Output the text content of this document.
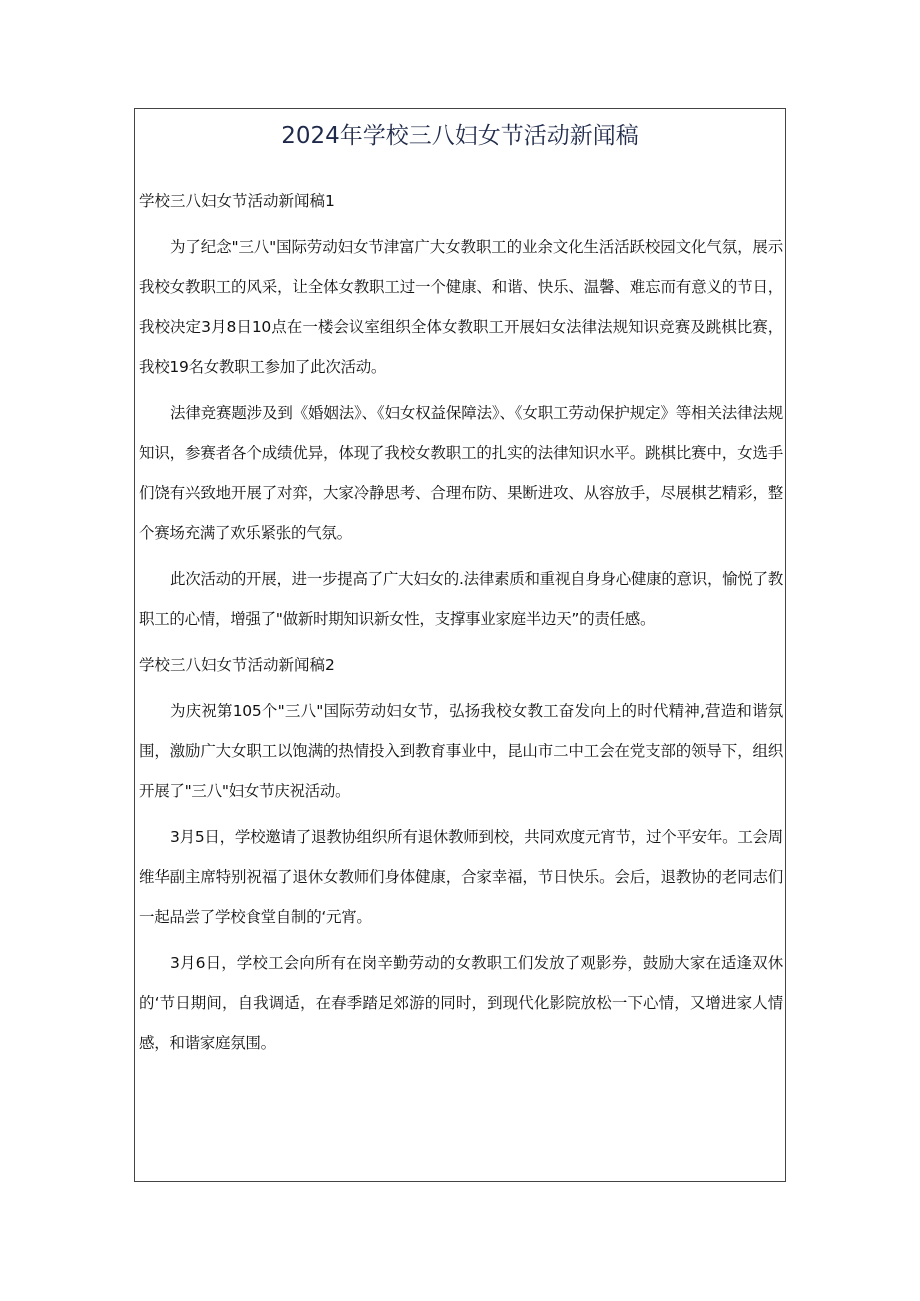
2024年学校三八妇女节活动新闻稿
学校三八妇女节活动新闻稿1

为了纪念"三八"国际劳动妇女节津富广大女教职工的业余文化生活活跃校园文化气氛，展示我校女教职工的风采，让全体女教职工过一个健康、和谐、快乐、温馨、难忘而有意义的节日，我校决定3月8日10点在一楼会议室组织全体女教职工开展妇女法律法规知识竞赛及跳棋比赛，我校19名女教职工参加了此次活动。

法律竞赛题涉及到《婚姻法》、《妇女权益保障法》、《女职工劳动保护规定》等相关法律法规知识，参赛者各个成绩优异，体现了我校女教职工的扎实的法律知识水平。跳棋比赛中，女选手们饶有兴致地开展了对弈，大家冷静思考、合理布防、果断进攻、从容放手，尽展棋艺精彩，整个赛场充满了欢乐紧张的气氛。

此次活动的开展，进一步提高了广大妇女的.法律素质和重视自身身心健康的意识，愉悦了教职工的心情，增强了"做新时期知识新女性，支撑事业家庭半边天”的责任感。

学校三八妇女节活动新闻稿2

为庆祝第105个"三八"国际劳动妇女节，弘扬我校女教工奋发向上的时代精神,营造和谐氛围，激励广大女职工以饱满的热情投入到教育事业中，昆山市二中工会在党支部的领导下，组织开展了"三八"妇女节庆祝活动。

3月5日，学校邀请了退教协组织所有退休教师到校，共同欢度元宵节，过个平安年。工会周维华副主席特别祝福了退休女教师们身体健康，合家幸福，节日快乐。会后，退教协的老同志们一起品尝了学校食堂自制的‘元宵。

3月6日，学校工会向所有在岗辛勤劳动的女教职工们发放了观影券，鼓励大家在适逢双休的‘节日期间，自我调适，在春季踏足郊游的同时，到现代化影院放松一下心情，又增进家人情感，和谐家庭氛围。
